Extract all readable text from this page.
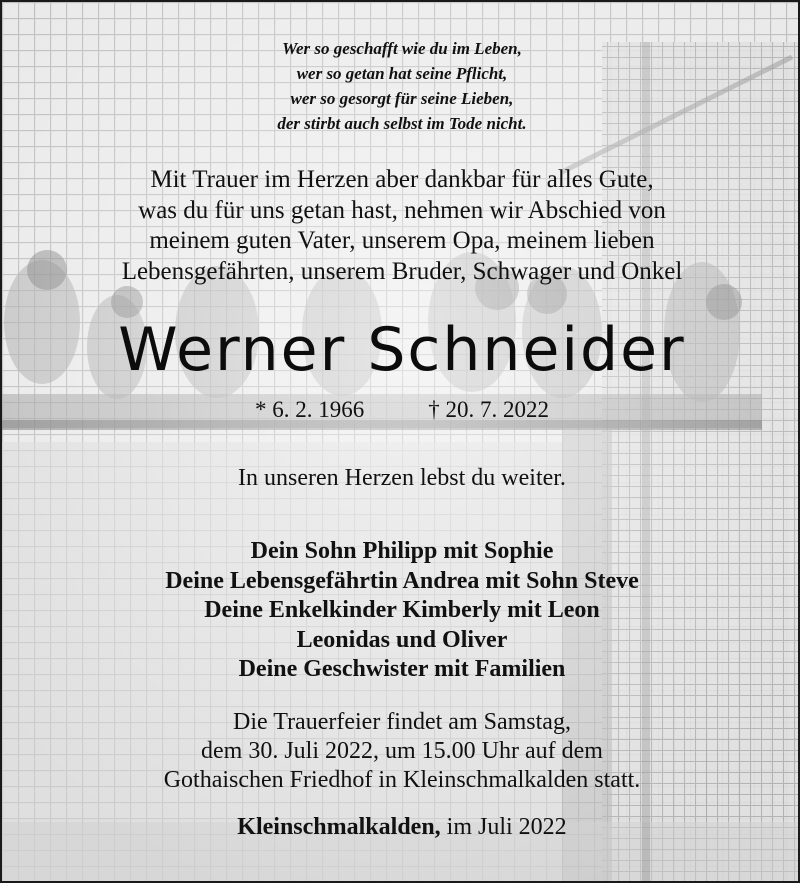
Wer so geschafft wie du im Leben,
wer so getan hat seine Pflicht,
wer so gesorgt für seine Lieben,
der stirbt auch selbst im Tode nicht.
Mit Trauer im Herzen aber dankbar für alles Gute,
was du für uns getan hast, nehmen wir Abschied von
meinem guten Vater, unserem Opa, meinem lieben
Lebensgefährten, unserem Bruder, Schwager und Onkel
Werner Schneider
* 6. 2. 1966	† 20. 7. 2022
In unseren Herzen lebst du weiter.
Dein Sohn Philipp mit Sophie
Deine Lebensgefährtin Andrea mit Sohn Steve
Deine Enkelkinder Kimberly mit Leon
Leonidas und Oliver
Deine Geschwister mit Familien
Die Trauerfeier findet am Samstag,
dem 30. Juli 2022, um 15.00 Uhr auf dem
Gothaischen Friedhof in Kleinschmalkalden statt.
Kleinschmalkalden, im Juli 2022
